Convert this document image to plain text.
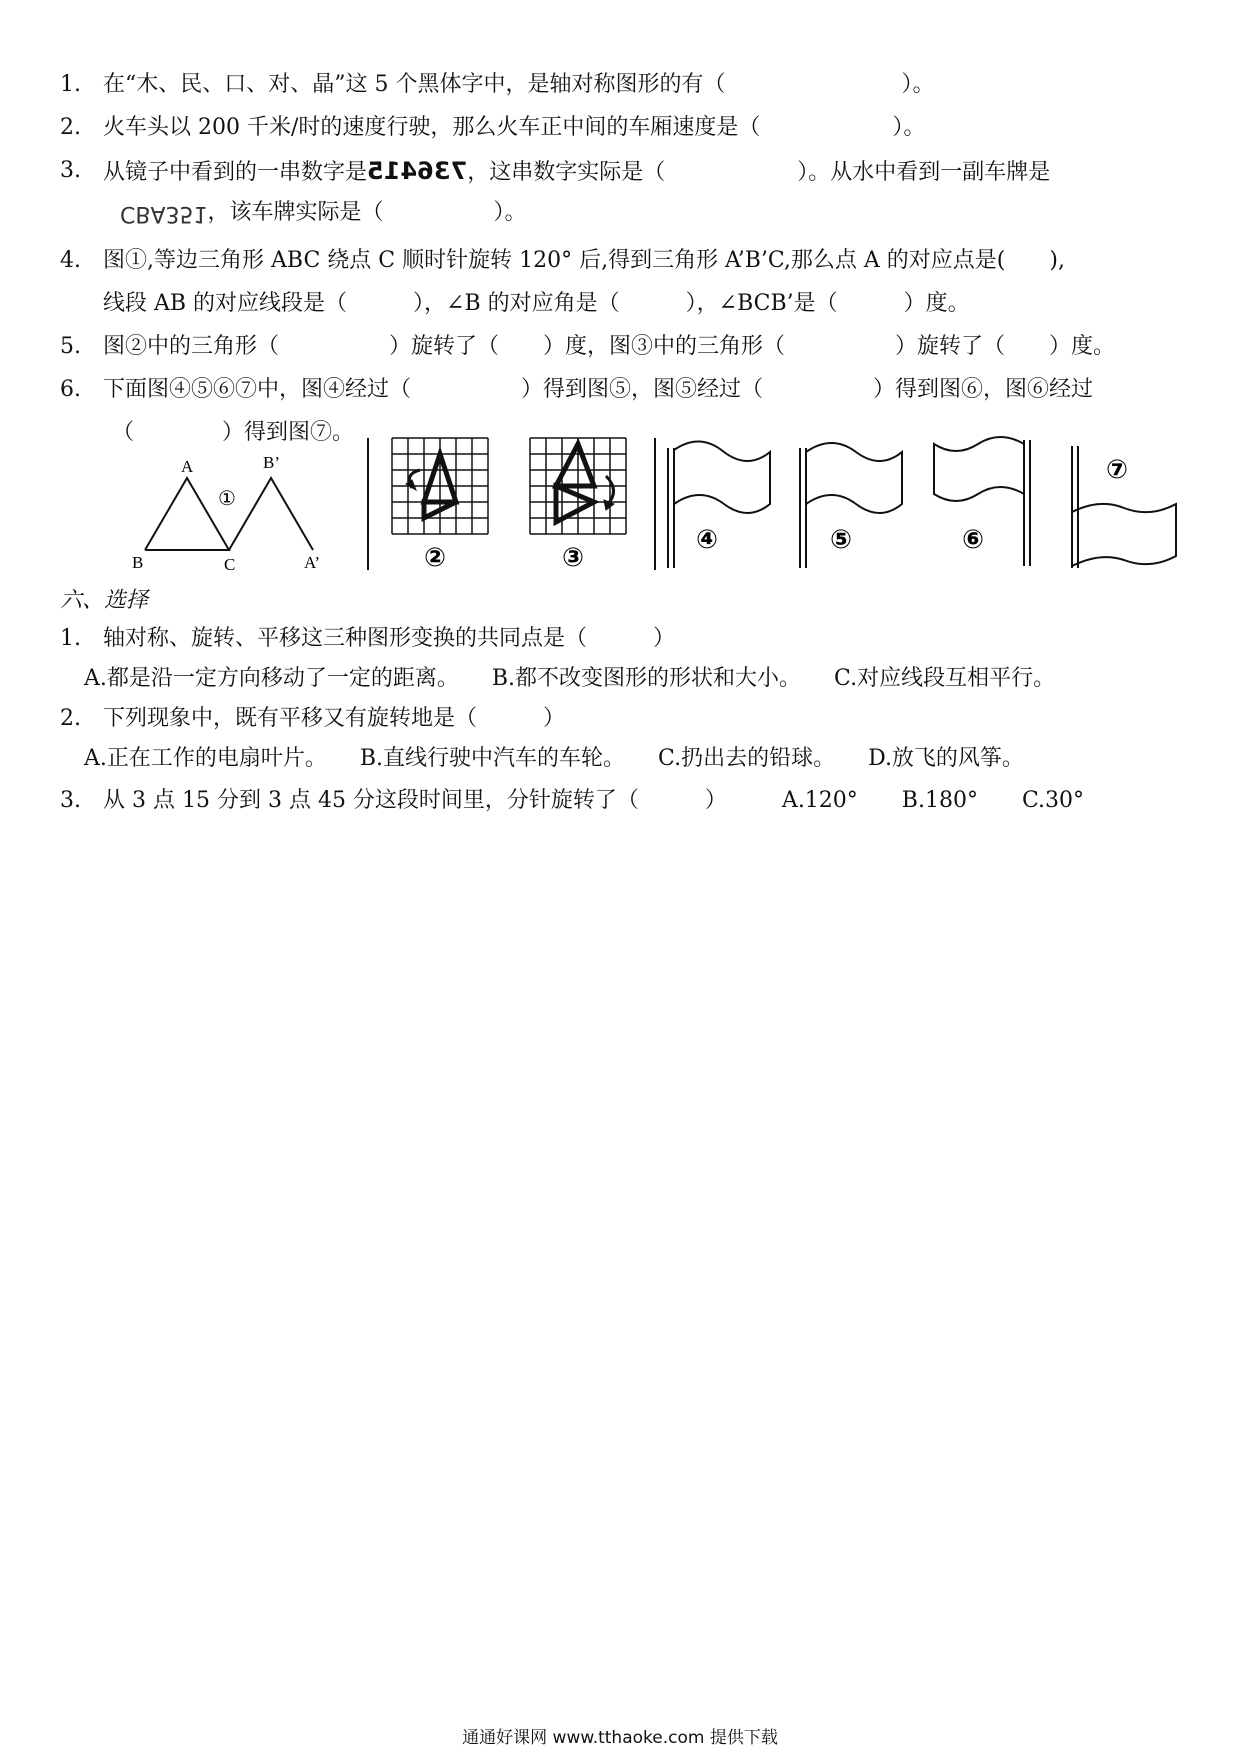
1. 在“木、民、口、对、晶”这 5 个黑体字中，是轴对称图形的有（　　　　　　　　）。
2. 火车头以 200 千米/时的速度行驶，那么火车正中间的车厢速度是（　　　　　　）。
3. 从镜子中看到的一串数字是736415，这串数字实际是（　　　　　　）。从水中看到一副车牌是
CBA351，该车牌实际是（　　　　　）。
4. 图①,等边三角形 ABC 绕点 C 顺时针旋转 120° 后,得到三角形 A’B’C,那么点 A 的对应点是(　　),
线段 AB 的对应线段是（　　　），∠B 的对应角是（　　　），∠BCB’是（　　　）度。
5. 图②中的三角形（　　　　　）旋转了（　　）度，图③中的三角形（　　　　　）旋转了（　　）度。
6. 下面图④⑤⑥⑦中，图④经过（　　　　　）得到图⑤，图⑤经过（　　　　　）得到图⑥，图⑥经过
（　　　　）得到图⑦。
A
B	C	A’
B’
①
②	③
④	⑤	⑥
⑦
六、选择
1. 轴对称、旋转、平移这三种图形变换的共同点是（　　　）
A.都是沿一定方向移动了一定的距离。　　B.都不改变图形的形状和大小。　　C.对应线段互相平行。
2. 下列现象中，既有平移又有旋转地是（　　　）
A.正在工作的电扇叶片。　　B.直线行驶中汽车的车轮。　　C.扔出去的铅球。　　D.放飞的风筝。
3. 从 3 点 15 分到 3 点 45 分这段时间里，分针旋转了（　　　）　　　A.120°　　B.180°　　C.30°
通通好课网 www.tthaoke.com 提供下载
